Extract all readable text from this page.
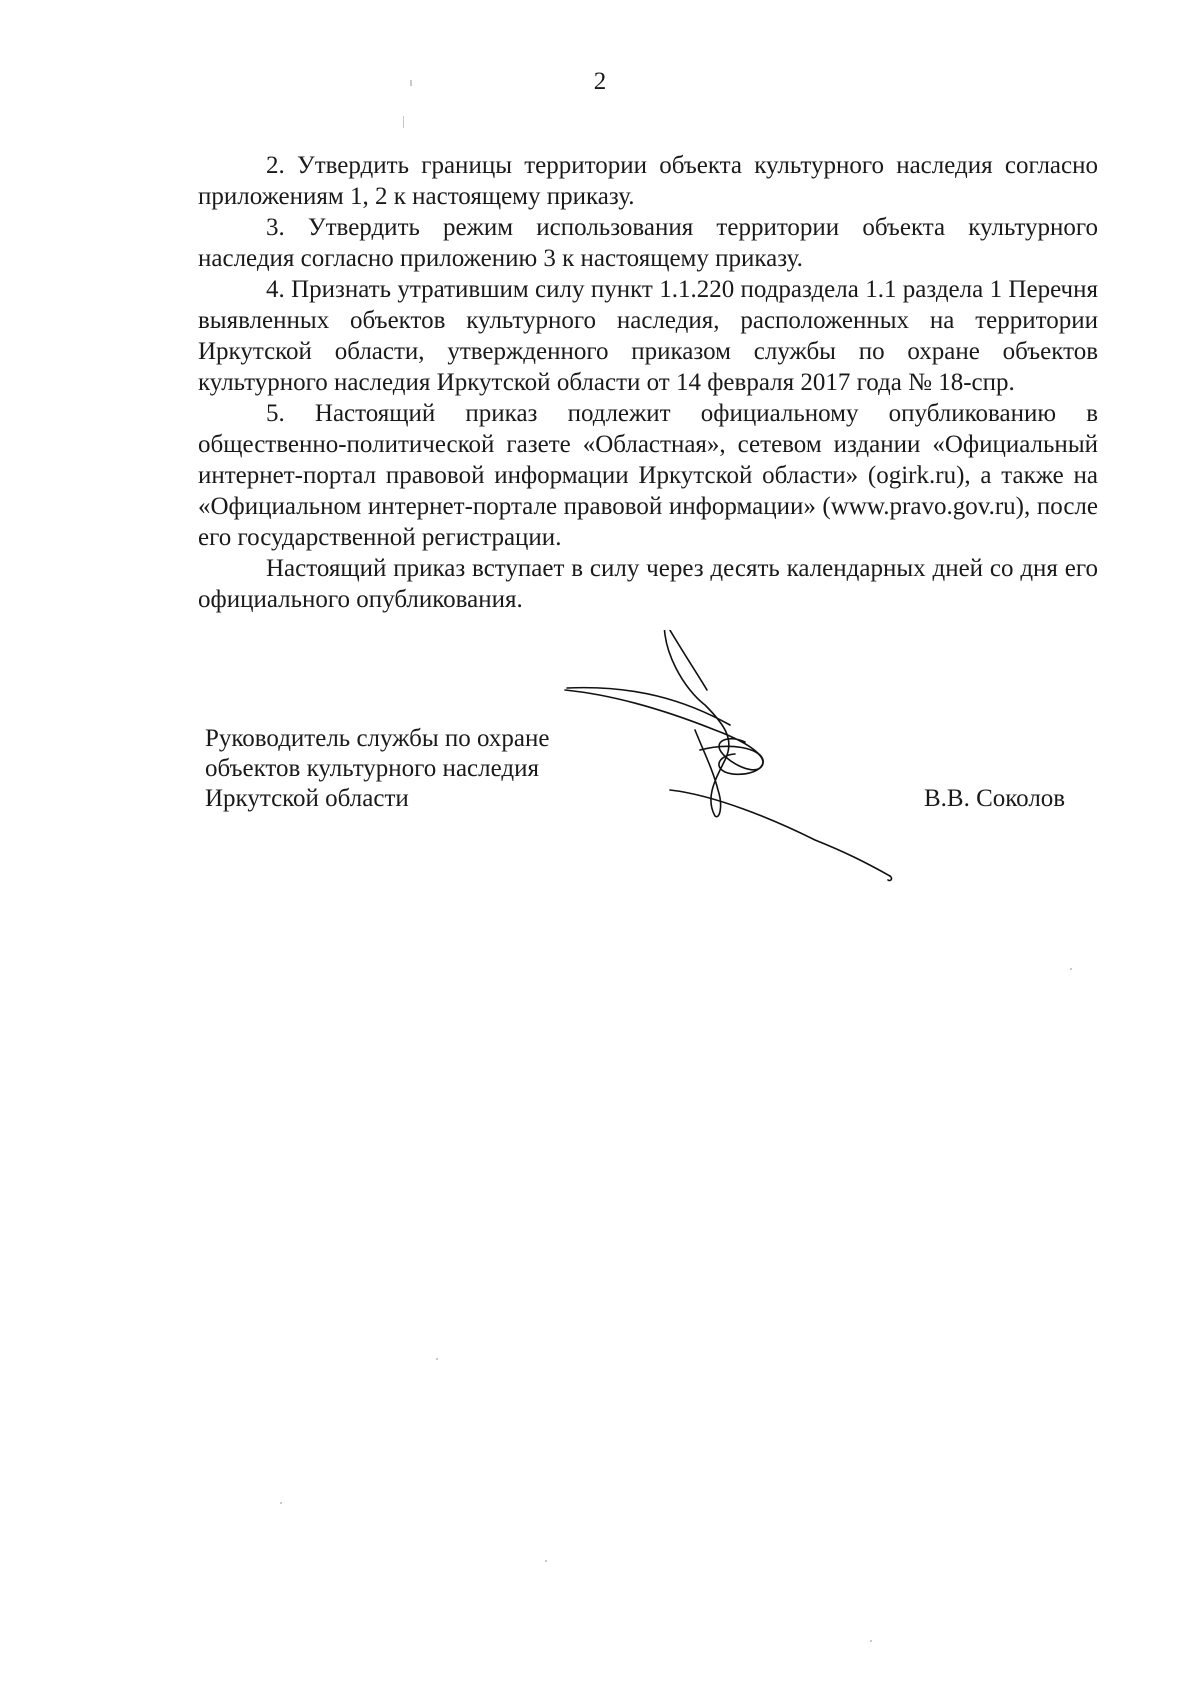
2

2. Утвердить границы территории объекта культурного наследия согласно приложениям 1, 2 к настоящему приказу.

3. Утвердить режим использования территории объекта культурного наследия согласно приложению 3 к настоящему приказу.

4. Признать утратившим силу пункт 1.1.220 подраздела 1.1 раздела 1 Перечня выявленных объектов культурного наследия, расположенных на территории Иркутской области, утвержденного приказом службы по охране объектов культурного наследия Иркутской области от 14 февраля 2017 года № 18-спр.

5. Настоящий приказ подлежит официальному опубликованию в общественно-политической газете «Областная», сетевом издании «Официальный интернет-портал правовой информации Иркутской области» (ogirk.ru), а также на «Официальном интернет-портале правовой информации» (www.pravo.gov.ru), после его государственной регистрации.

Настоящий приказ вступает в силу через десять календарных дней со дня его официального опубликования.

Руководитель службы по охране
объектов культурного наследия
Иркутской области	В.В. Соколов
